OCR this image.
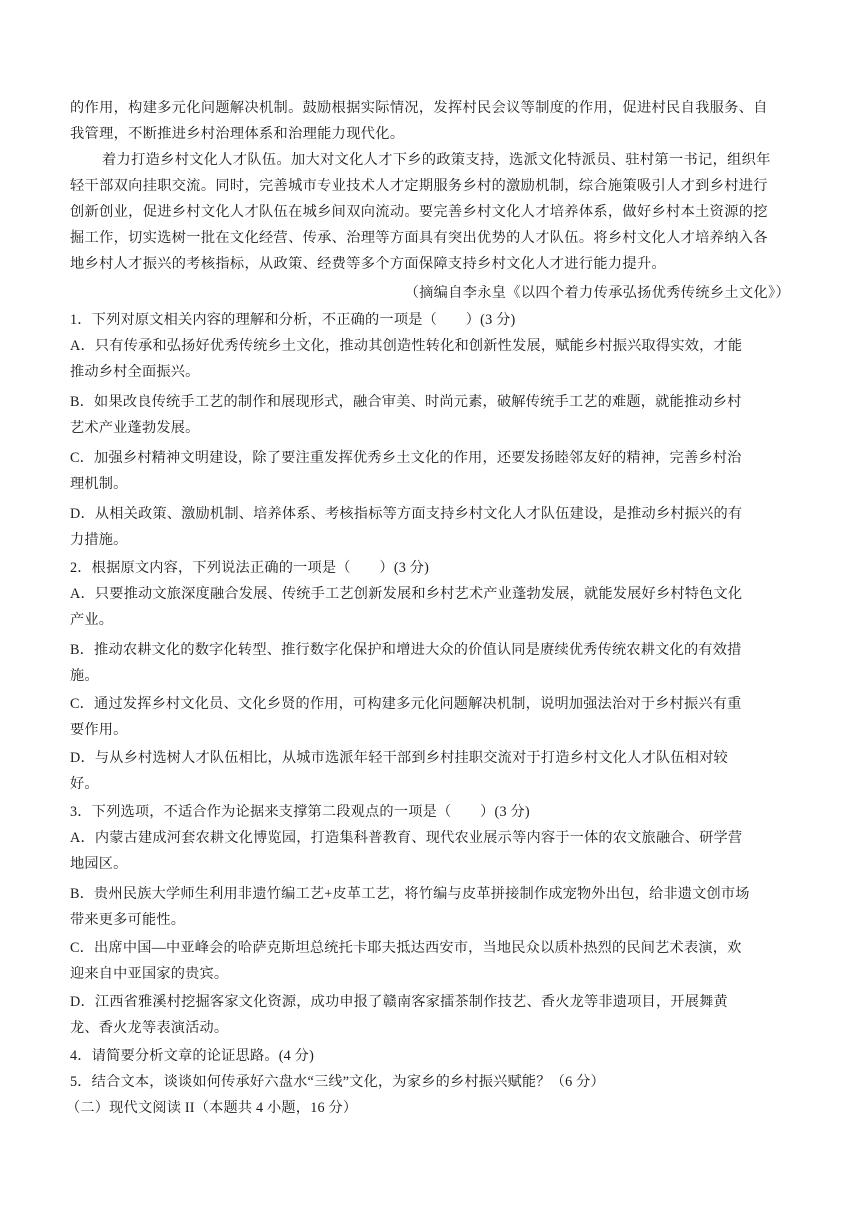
的作用，构建多元化问题解决机制。鼓励根据实际情况，发挥村民会议等制度的作用，促进村民自我服务、自
我管理，不断推进乡村治理体系和治理能力现代化。
着力打造乡村文化人才队伍。加大对文化人才下乡的政策支持，选派文化特派员、驻村第一书记，组织年
轻干部双向挂职交流。同时，完善城市专业技术人才定期服务乡村的激励机制，综合施策吸引人才到乡村进行
创新创业，促进乡村文化人才队伍在城乡间双向流动。要完善乡村文化人才培养体系，做好乡村本土资源的挖
掘工作，切实选树一批在文化经营、传承、治理等方面具有突出优势的人才队伍。将乡村文化人才培养纳入各
地乡村人才振兴的考核指标，从政策、经费等多个方面保障支持乡村文化人才进行能力提升。
（摘编自李永皇《以四个着力传承弘扬优秀传统乡土文化》）
1．下列对原文相关内容的理解和分析，不正确的一项是（　　）(3 分)
A．只有传承和弘扬好优秀传统乡土文化，推动其创造性转化和创新性发展，赋能乡村振兴取得实效，才能
推动乡村全面振兴。
B．如果改良传统手工艺的制作和展现形式，融合审美、时尚元素，破解传统手工艺的难题，就能推动乡村
艺术产业蓬勃发展。
C．加强乡村精神文明建设，除了要注重发挥优秀乡土文化的作用，还要发扬睦邻友好的精神，完善乡村治
理机制。
D．从相关政策、激励机制、培养体系、考核指标等方面支持乡村文化人才队伍建设，是推动乡村振兴的有
力措施。
2．根据原文内容，下列说法正确的一项是（　　）(3 分)
A．只要推动文旅深度融合发展、传统手工艺创新发展和乡村艺术产业蓬勃发展，就能发展好乡村特色文化
产业。
B．推动农耕文化的数字化转型、推行数字化保护和增进大众的价值认同是赓续优秀传统农耕文化的有效措
施。
C．通过发挥乡村文化员、文化乡贤的作用，可构建多元化问题解决机制，说明加强法治对于乡村振兴有重
要作用。
D．与从乡村选树人才队伍相比，从城市选派年轻干部到乡村挂职交流对于打造乡村文化人才队伍相对较
好。
3．下列选项，不适合作为论据来支撑第二段观点的一项是（　　）(3 分)
A．内蒙古建成河套农耕文化博览园，打造集科普教育、现代农业展示等内容于一体的农文旅融合、研学营
地园区。
B．贵州民族大学师生利用非遗竹编工艺+皮革工艺，将竹编与皮革拼接制作成宠物外出包，给非遗文创市场
带来更多可能性。
C．出席中国—中亚峰会的哈萨克斯坦总统托卡耶夫抵达西安市，当地民众以质朴热烈的民间艺术表演，欢
迎来自中亚国家的贵宾。
D．江西省雅溪村挖掘客家文化资源，成功申报了赣南客家擂茶制作技艺、香火龙等非遗项目，开展舞黄
龙、香火龙等表演活动。
4．请简要分析文章的论证思路。(4 分)
5．结合文本，谈谈如何传承好六盘水“三线”文化，为家乡的乡村振兴赋能？（6 分）
（二）现代文阅读 II（本题共 4 小题，16 分）
